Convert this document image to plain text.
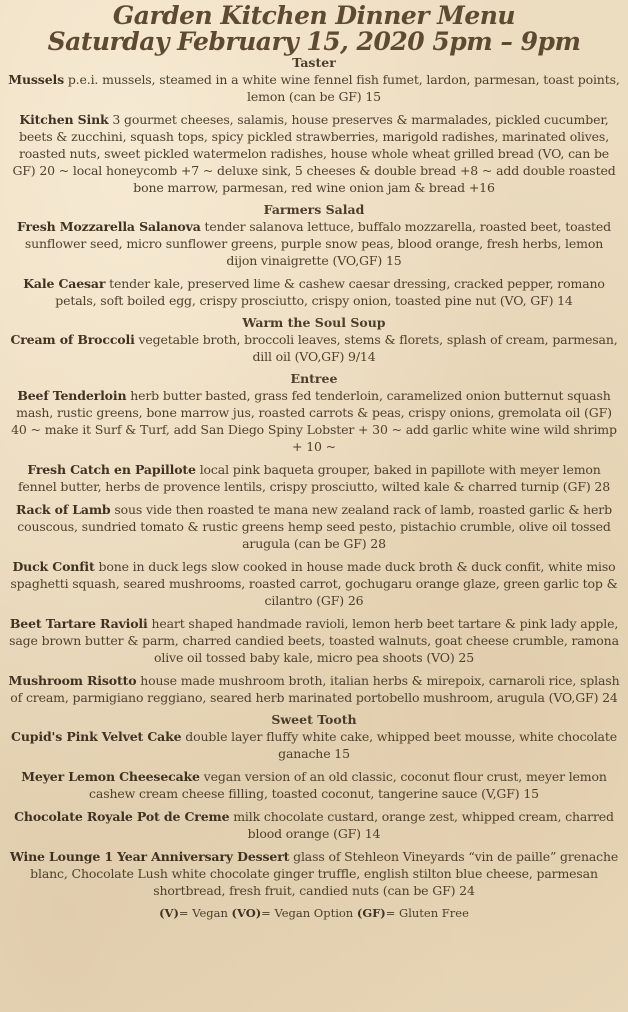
Garden Kitchen Dinner Menu
Saturday February 15, 2020 5pm – 9pm
Taster
Mussels p.e.i. mussels, steamed in a white wine fennel fish fumet, lardon, parmesan, toast points, lemon (can be GF) 15
Kitchen Sink 3 gourmet cheeses, salamis, house preserves & marmalades, pickled cucumber, beets & zucchini, squash tops, spicy pickled strawberries, marigold radishes, marinated olives, roasted nuts, sweet pickled watermelon radishes, house whole wheat grilled bread (VO, can be GF) 20 ~ local honeycomb +7 ~ deluxe sink, 5 cheeses & double bread +8 ~ add double roasted bone marrow, parmesan, red wine onion jam & bread +16
Farmers Salad
Fresh Mozzarella Salanova tender salanova lettuce, buffalo mozzarella, roasted beet, toasted sunflower seed, micro sunflower greens, purple snow peas, blood orange, fresh herbs, lemon dijon vinaigrette (VO,GF) 15
Kale Caesar tender kale, preserved lime & cashew caesar dressing, cracked pepper, romano petals, soft boiled egg, crispy prosciutto, crispy onion, toasted pine nut (VO, GF) 14
Warm the Soul Soup
Cream of Broccoli vegetable broth, broccoli leaves, stems & florets, splash of cream, parmesan, dill oil (VO,GF) 9/14
Entree
Beef Tenderloin herb butter basted, grass fed tenderloin, caramelized onion butternut squash mash, rustic greens, bone marrow jus, roasted carrots & peas, crispy onions, gremolata oil (GF) 40 ~ make it Surf & Turf, add San Diego Spiny Lobster + 30 ~ add garlic white wine wild shrimp + 10 ~
Fresh Catch en Papillote local pink baqueta grouper, baked in papillote with meyer lemon fennel butter, herbs de provence lentils, crispy prosciutto, wilted kale & charred turnip (GF) 28
Rack of Lamb sous vide then roasted te mana new zealand rack of lamb, roasted garlic & herb couscous, sundried tomato & rustic greens hemp seed pesto, pistachio crumble, olive oil tossed arugula (can be GF) 28
Duck Confit bone in duck legs slow cooked in house made duck broth & duck confit, white miso spaghetti squash, seared mushrooms, roasted carrot, gochugaru orange glaze, green garlic top & cilantro (GF) 26
Beet Tartare Ravioli heart shaped handmade ravioli, lemon herb beet tartare & pink lady apple, sage brown butter & parm, charred candied beets, toasted walnuts, goat cheese crumble, ramona olive oil tossed baby kale, micro pea shoots (VO) 25
Mushroom Risotto house made mushroom broth, italian herbs & mirepoix, carnaroli rice, splash of cream, parmigiano reggiano, seared herb marinated portobello mushroom, arugula (VO,GF) 24
Sweet Tooth
Cupid's Pink Velvet Cake double layer fluffy white cake, whipped beet mousse, white chocolate ganache 15
Meyer Lemon Cheesecake vegan version of an old classic, coconut flour crust, meyer lemon cashew cream cheese filling, toasted coconut, tangerine sauce (V,GF) 15
Chocolate Royale Pot de Creme milk chocolate custard, orange zest, whipped cream, charred blood orange (GF) 14
Wine Lounge 1 Year Anniversary Dessert glass of Stehleon Vineyards “vin de paille” grenache blanc, Chocolate Lush white chocolate ginger truffle, english stilton blue cheese, parmesan shortbread, fresh fruit, candied nuts (can be GF) 24
(V)= Vegan (VO)= Vegan Option (GF)= Gluten Free
